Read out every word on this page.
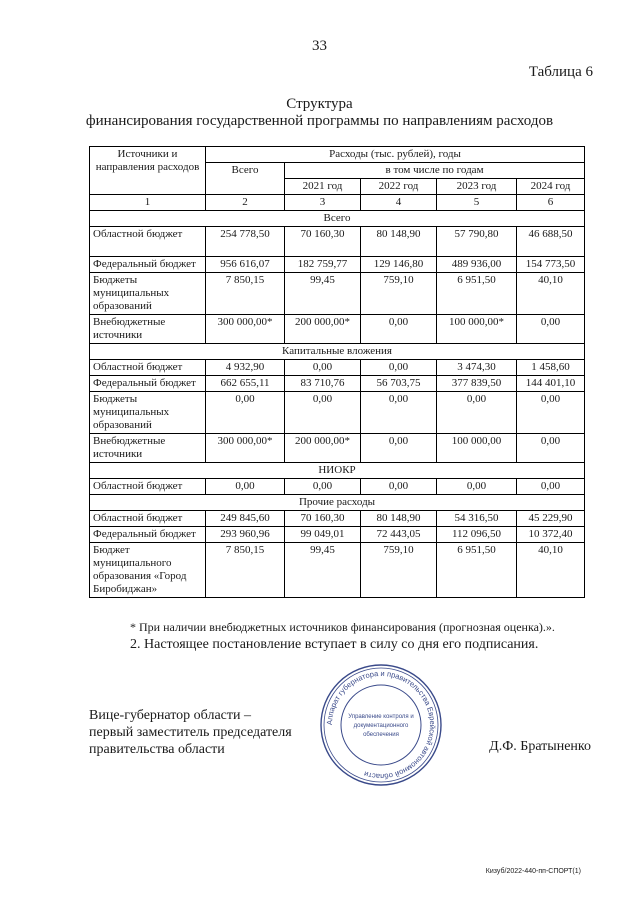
33
Таблица 6
Структура
финансирования государственной программы по направлениям расходов
Источники и направления расходов	Расходы (тыс. рублей), годы				
	Всего	в том числе по годам			
		2021 год	2022 год	2023 год	2024 год
1	2	3	4	5	6
Всего					
Областной бюджет	254 778,50	70 160,30	80 148,90	57 790,80	46 688,50
Федеральный бюджет	956 616,07	182 759,77	129 146,80	489 936,00	154 773,50
Бюджеты муниципальных образований	7 850,15	99,45	759,10	6 951,50	40,10
Внебюджетные источники	300 000,00*	200 000,00*	0,00	100 000,00*	0,00
Капитальные вложения					
Областной бюджет	4 932,90	0,00	0,00	3 474,30	1 458,60
Федеральный бюджет	662 655,11	83 710,76	56 703,75	377 839,50	144 401,10
Бюджеты муниципальных образований	0,00	0,00	0,00	0,00	0,00
Внебюджетные источники	300 000,00*	200 000,00*	0,00	100 000,00	0,00
НИОКР					
Областной бюджет	0,00	0,00	0,00	0,00	0,00
Прочие расходы					
Областной бюджет	249 845,60	70 160,30	80 148,90	54 316,50	45 229,90
Федеральный бюджет	293 960,96	99 049,01	72 443,05	112 096,50	10 372,40
Бюджет муниципального образования «Город Биробиджан»	7 850,15	99,45	759,10	6 951,50	40,10
* При наличии внебюджетных источников финансирования (прогнозная оценка).».
2. Настоящее постановление вступает в силу со дня его подписания.
Вице-губернатор области –
первый заместитель председателя
правительства области	Д.Ф. Братыненко
Аппарат губернатора и правительства Еврейской автономной области
Управление контроля и
документационного
обеспечения
Кизуб/2022-440-пп-СПОРТ(1)
